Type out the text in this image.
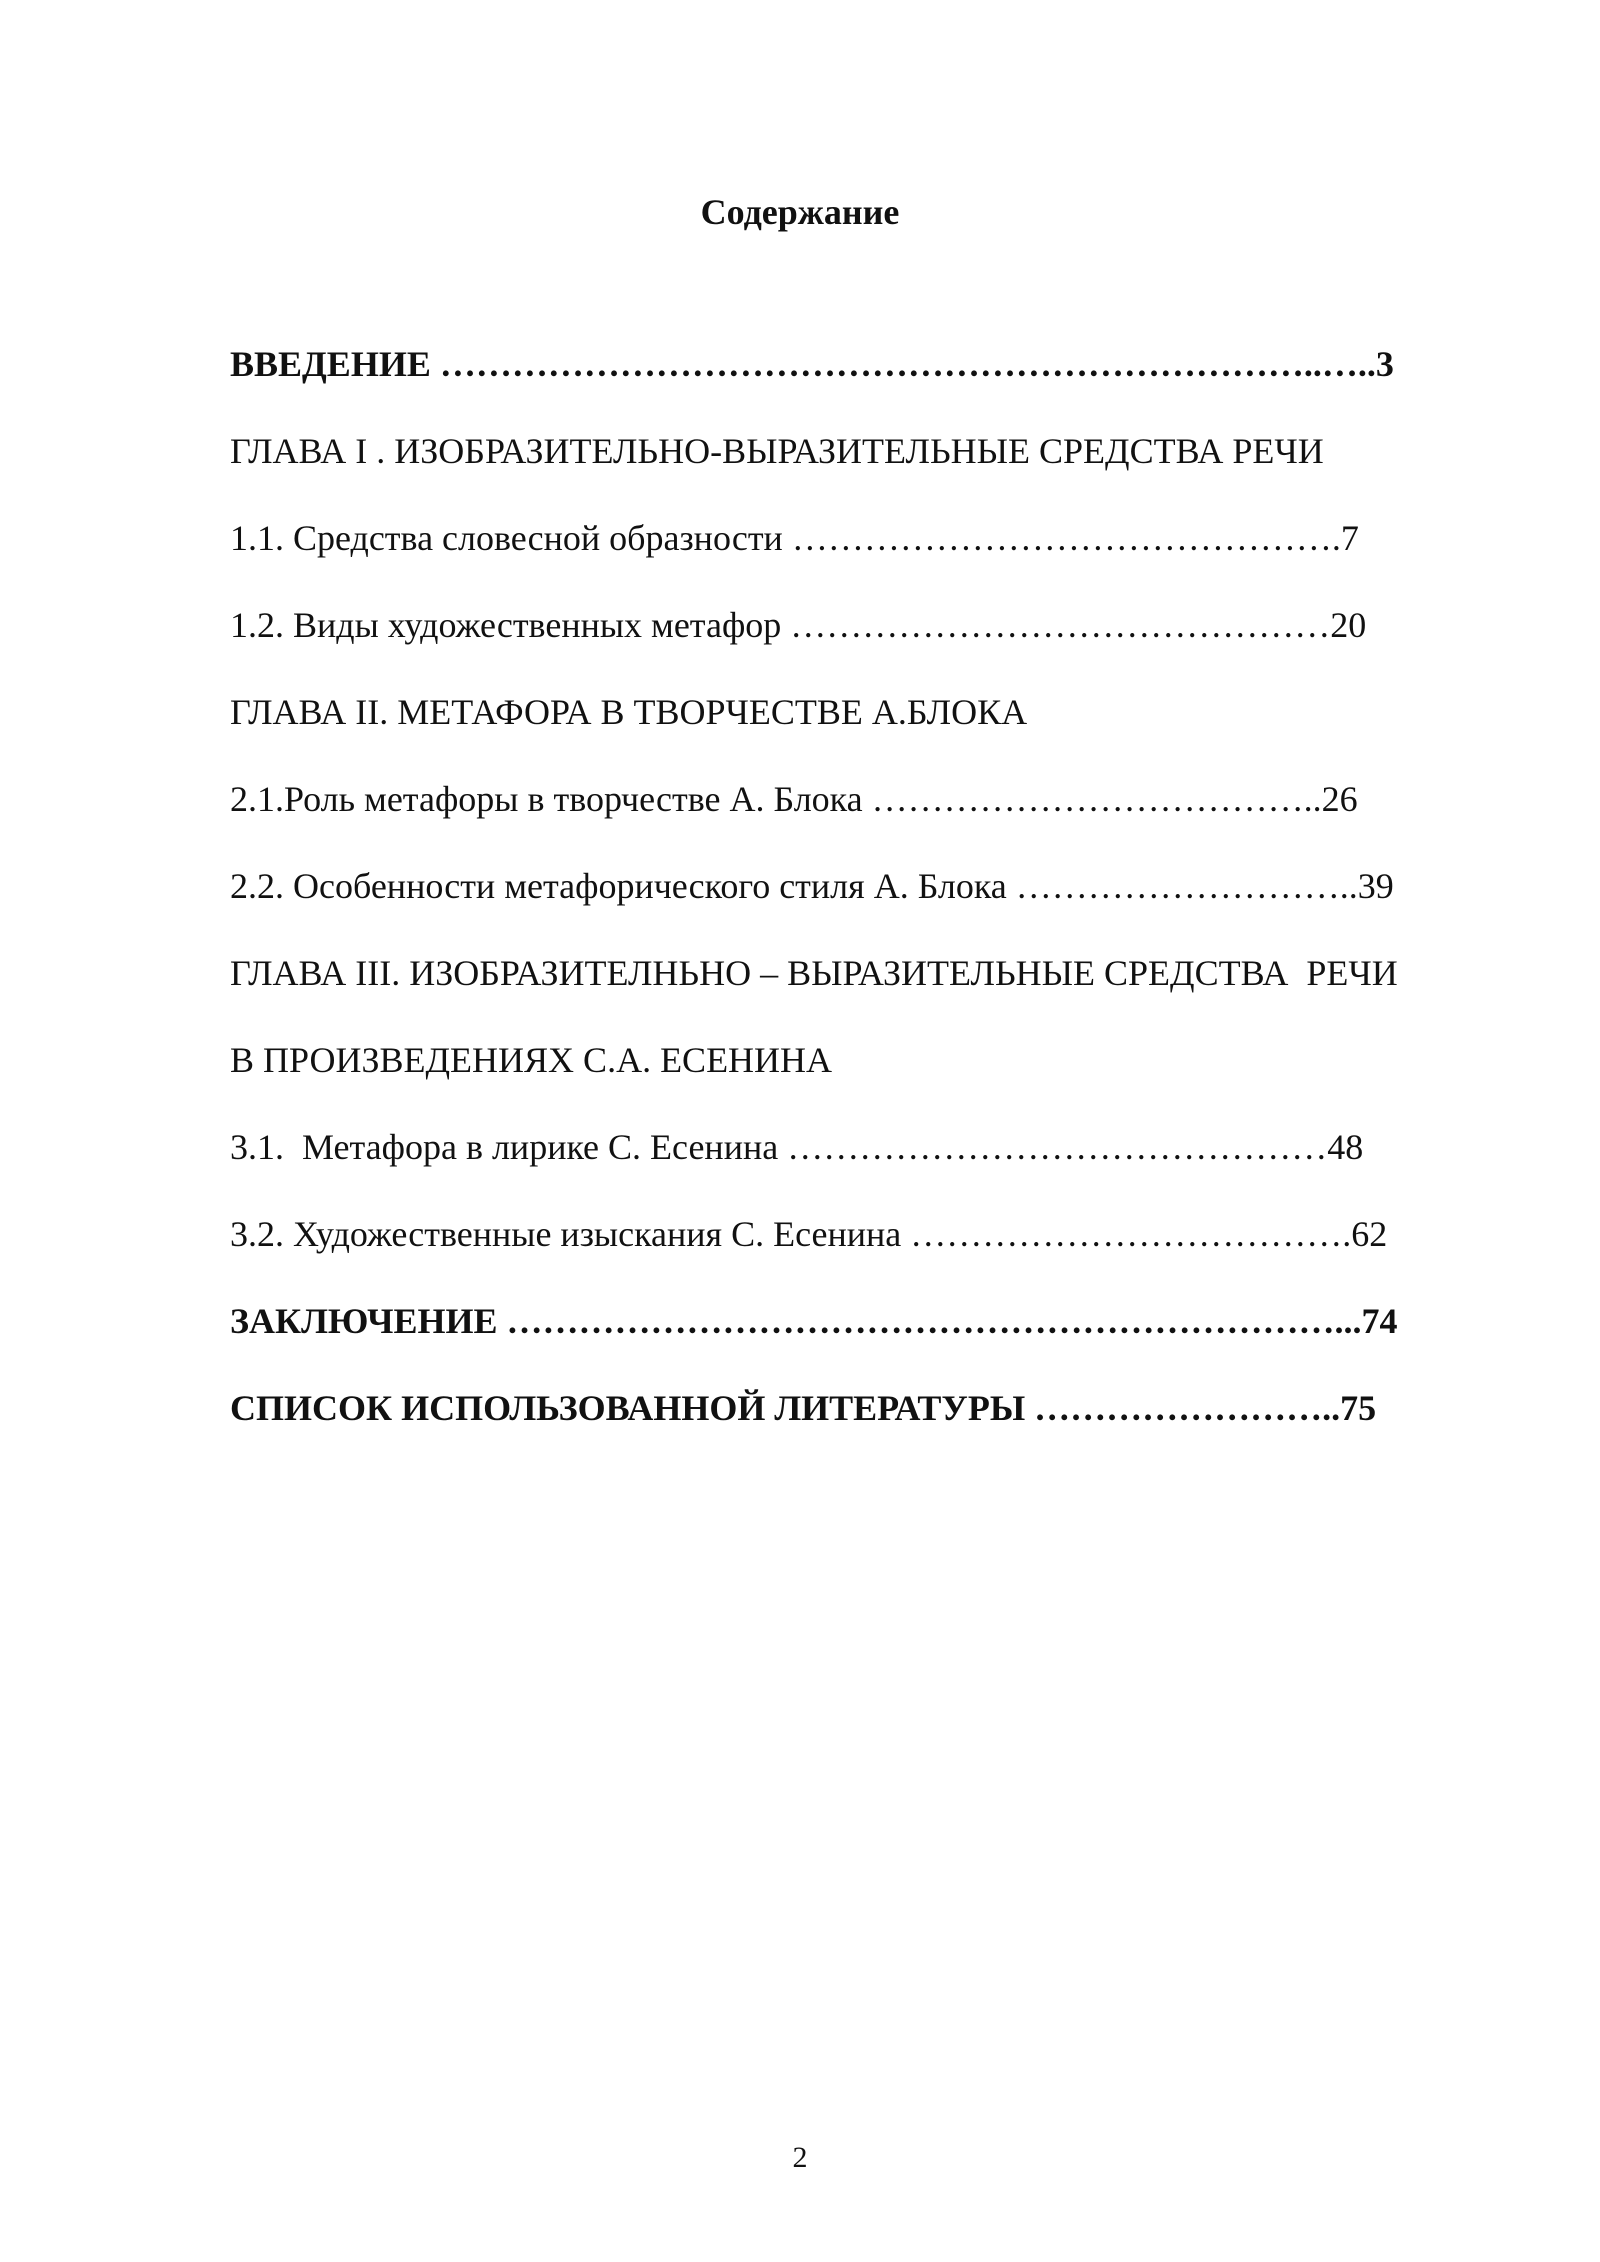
Содержание
ВВЕДЕНИЕ ………………………………………………………………..…..3
ГЛАВА I . ИЗОБРАЗИТЕЛЬНО-ВЫРАЗИТЕЛЬНЫЕ СРЕДСТВА РЕЧИ
1.1. Средства словесной образности ……………………………………….7
1.2. Виды художественных метафор ………………………………………20
ГЛАВА II. МЕТАФОРА В ТВОРЧЕСТВЕ А.БЛОКА
2.1.Роль метафоры в творчестве А. Блока ………………………………..26
2.2. Особенности метафорического стиля А. Блока ………………………..39
ГЛАВА III. ИЗОБРАЗИТЕЛНЬНО – ВЫРАЗИТЕЛЬНЫЕ СРЕДСТВА  РЕЧИ
В ПРОИЗВЕДЕНИЯХ С.А. ЕСЕНИНА
3.1.  Метафора в лирике С. Есенина ………………………………………48
3.2. Художественные изыскания С. Есенина ……………………………….62
ЗАКЛЮЧЕНИЕ ……………………………………………………………...74
СПИСОК ИСПОЛЬЗОВАННОЙ ЛИТЕРАТУРЫ ……………………..75
2
